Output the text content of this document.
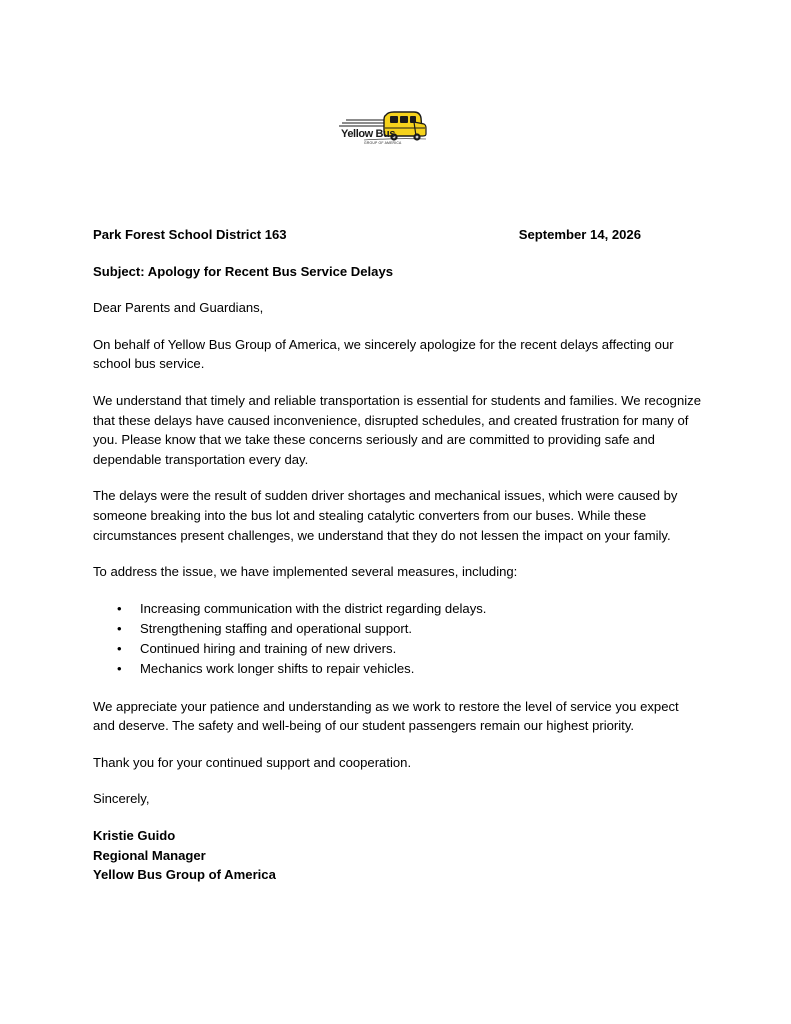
Yellow Bus
GROUP OF AMERICA
Park Forest School District 163	September 14, 2026
Subject: Apology for Recent Bus Service Delays
Dear Parents and Guardians,

On behalf of Yellow Bus Group of America, we sincerely apologize for the recent delays affecting our school bus service.

We understand that timely and reliable transportation is essential for students and families. We recognize that these delays have caused inconvenience, disrupted schedules, and created frustration for many of you. Please know that we take these concerns seriously and are committed to providing safe and dependable transportation every day.

The delays were the result of sudden driver shortages and mechanical issues, which were caused by someone breaking into the bus lot and stealing catalytic converters from our buses. While these circumstances present challenges, we understand that they do not lessen the impact on your family.

To address the issue, we have implemented several measures, including:

• Increasing communication with the district regarding delays.
• Strengthening staffing and operational support.
• Continued hiring and training of new drivers.
• Mechanics work longer shifts to repair vehicles.

We appreciate your patience and understanding as we work to restore the level of service you expect and deserve. The safety and well-being of our student passengers remain our highest priority.

Thank you for your continued support and cooperation.

Sincerely,
Kristie Guido
Regional Manager
Yellow Bus Group of America
